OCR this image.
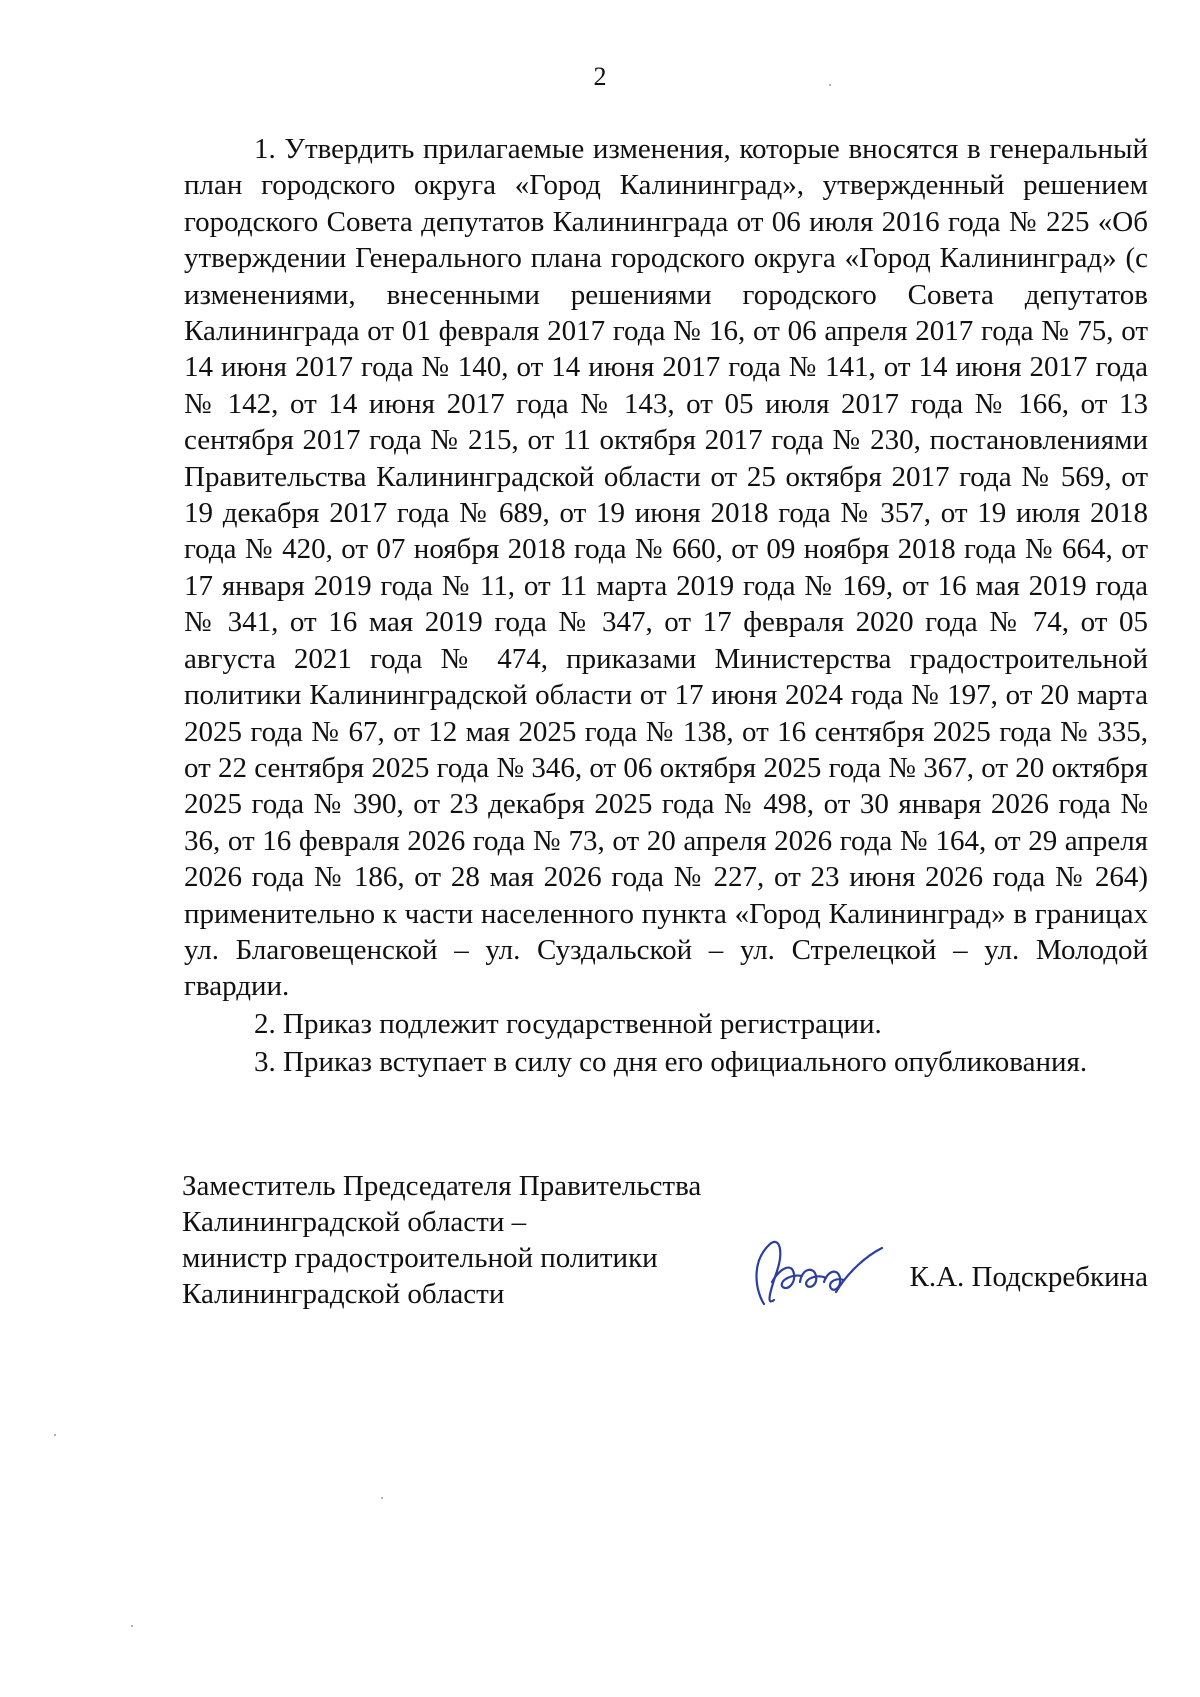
2

1. Утвердить прилагаемые изменения, которые вносятся в генеральный план городского округа «Город Калининград», утвержденный решением городского Совета депутатов Калининграда от 06 июля 2016 года № 225 «Об утверждении Генерального плана городского округа «Город Калининград» (с изменениями, внесенными решениями городского Совета депутатов Калининграда от 01 февраля 2017 года № 16, от 06 апреля 2017 года № 75, от 14 июня 2017 года № 140, от 14 июня 2017 года № 141, от 14 июня 2017 года № 142, от 14 июня 2017 года № 143, от 05 июля 2017 года № 166, от 13 сентября 2017 года № 215, от 11 октября 2017 года № 230, постановлениями Правительства Калининградской области от 25 октября 2017 года № 569, от 19 декабря 2017 года № 689, от 19 июня 2018 года № 357, от 19 июля 2018 года № 420, от 07 ноября 2018 года № 660, от 09 ноября 2018 года № 664, от 17 января 2019 года № 11, от 11 марта 2019 года № 169, от 16 мая 2019 года № 341, от 16 мая 2019 года № 347, от 17 февраля 2020 года № 74, от 05 августа 2021 года № 474, приказами Министерства градостроительной политики Калининградской области от 17 июня 2024 года № 197, от 20 марта 2025 года № 67, от 12 мая 2025 года № 138, от 16 сентября 2025 года № 335, от 22 сентября 2025 года № 346, от 06 октября 2025 года № 367, от 20 октября 2025 года № 390, от 23 декабря 2025 года № 498, от 30 января 2026 года № 36, от 16 февраля 2026 года № 73, от 20 апреля 2026 года № 164, от 29 апреля 2026 года № 186, от 28 мая 2026 года № 227, от 23 июня 2026 года № 264) применительно к части населенного пункта «Город Калининград» в границах ул. Благовещенской – ул. Суздальской – ул. Стрелецкой – ул. Молодой гвардии.

2. Приказ подлежит государственной регистрации.

3. Приказ вступает в силу со дня его официального опубликования.

Заместитель Председателя Правительства
Калининградской области –
министр градостроительной политики
Калининградской области
К.А. Подскребкина
